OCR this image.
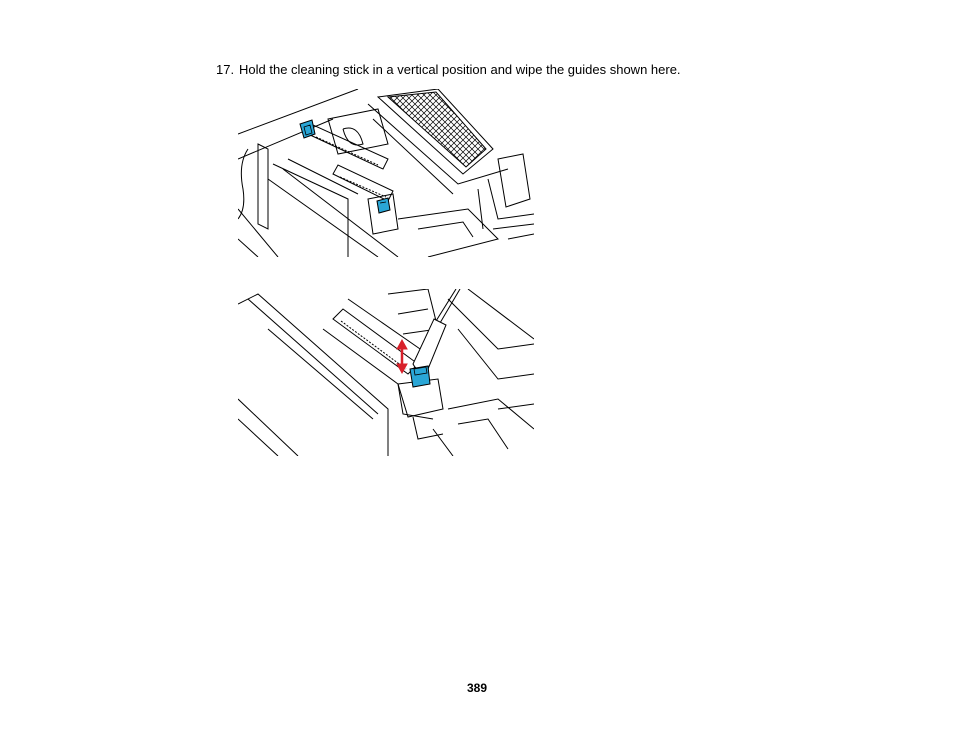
17. Hold the cleaning stick in a vertical position and wipe the guides shown here.
389
